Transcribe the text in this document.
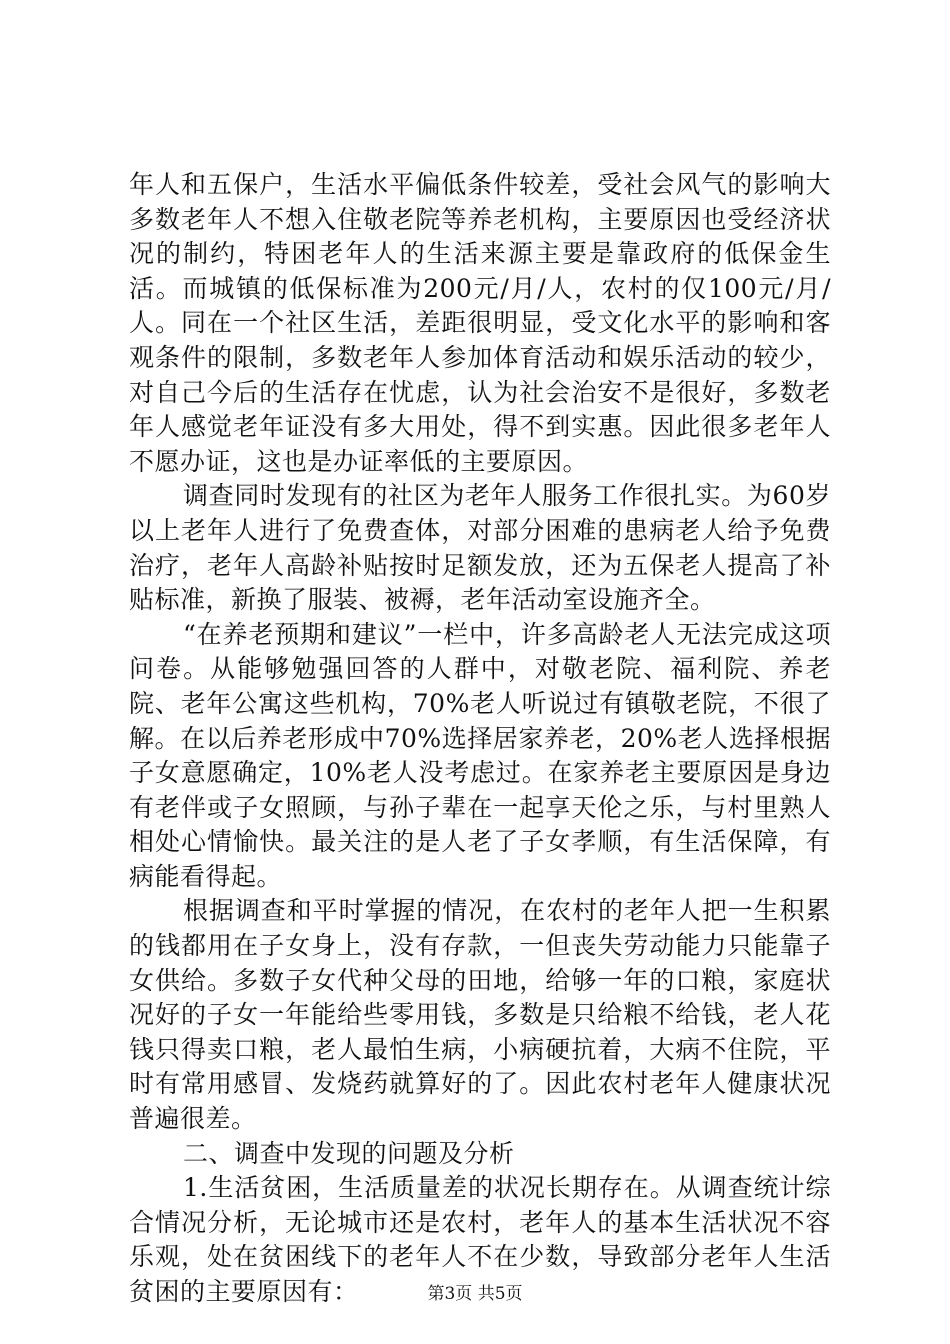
年人和五保户，生活水平偏低条件较差，受社会风气的影响大多数老年人不想入住敬老院等养老机构，主要原因也受经济状况的制约，特困老年人的生活来源主要是靠政府的低保金生活。而城镇的低保标准为200元/月/人，农村的仅100元/月/人。同在一个社区生活，差距很明显，受文化水平的影响和客观条件的限制，多数老年人参加体育活动和娱乐活动的较少，对自己今后的生活存在忧虑，认为社会治安不是很好，多数老年人感觉老年证没有多大用处，得不到实惠。因此很多老年人不愿办证，这也是办证率低的主要原因。

调查同时发现有的社区为老年人服务工作很扎实。为60岁以上老年人进行了免费查体，对部分困难的患病老人给予免费治疗，老年人高龄补贴按时足额发放，还为五保老人提高了补贴标准，新换了服装、被褥，老年活动室设施齐全。

“在养老预期和建议”一栏中，许多高龄老人无法完成这项问卷。从能够勉强回答的人群中，对敬老院、福利院、养老院、老年公寓这些机构，70%老人听说过有镇敬老院，不很了解。在以后养老形成中70%选择居家养老，20%老人选择根据子女意愿确定，10%老人没考虑过。在家养老主要原因是身边有老伴或子女照顾，与孙子辈在一起享天伦之乐，与村里熟人相处心情愉快。最关注的是人老了子女孝顺，有生活保障，有病能看得起。

根据调查和平时掌握的情况，在农村的老年人把一生积累的钱都用在子女身上，没有存款，一但丧失劳动能力只能靠子女供给。多数子女代种父母的田地，给够一年的口粮，家庭状况好的子女一年能给些零用钱，多数是只给粮不给钱，老人花钱只得卖口粮，老人最怕生病，小病硬抗着，大病不住院，平时有常用感冒、发烧药就算好的了。因此农村老年人健康状况普遍很差。

二、调查中发现的问题及分析

1.生活贫困，生活质量差的状况长期存在。从调查统计综合情况分析，无论城市还是农村，老年人的基本生活状况不容乐观，处在贫困线下的老年人不在少数，导致部分老年人生活贫困的主要原因有：	第3页 共5页
